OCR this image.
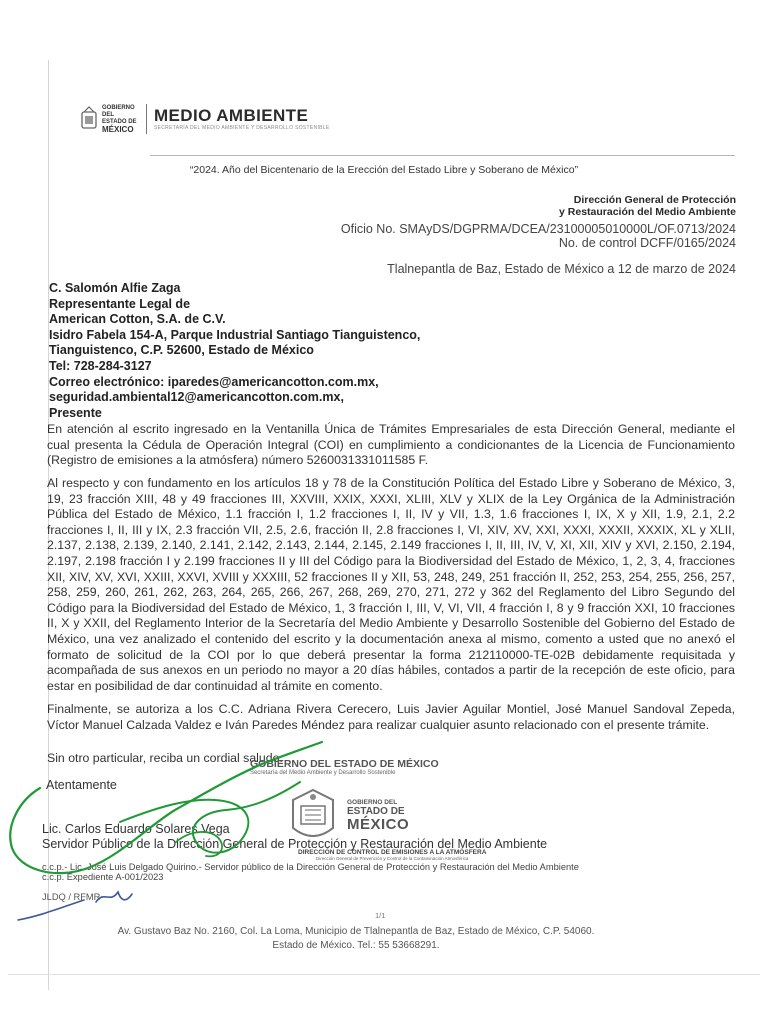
GOBIERNO DEL
ESTADO DE
MÉXICO
MEDIO AMBIENTE
SECRETARÍA DEL MEDIO AMBIENTE Y DESARROLLO SOSTENIBLE
“2024. Año del Bicentenario de la Erección del Estado Libre y Soberano de México”
Dirección General de Protección
y Restauración del Medio Ambiente
Oficio No. SMAyDS/DGPRMA/DCEA/23100005010000L/OF.0713/2024
No. de control DCFF/0165/2024
Tlalnepantla de Baz, Estado de México a 12 de marzo de 2024
C. Salomón Alfie Zaga
Representante Legal de
American Cotton, S.A. de C.V.
Isidro Fabela 154-A, Parque Industrial Santiago Tianguistenco,
Tianguistenco, C.P. 52600, Estado de México
Tel: 728-284-3127
Correo electrónico: iparedes@americancotton.com.mx,
seguridad.ambiental12@americancotton.com.mx,
Presente
En atención al escrito ingresado en la Ventanilla Única de Trámites Empresariales de esta Dirección General, mediante el cual presenta la Cédula de Operación Integral (COI) en cumplimiento a condicionantes de la Licencia de Funcionamiento (Registro de emisiones a la atmósfera) número 5260031331011585 F.
Al respecto y con fundamento en los artículos 18 y 78 de la Constitución Política del Estado Libre y Soberano de México, 3, 19, 23 fracción XIII, 48 y 49 fracciones III, XXVIII, XXIX, XXXI, XLIII, XLV y XLIX de la Ley Orgánica de la Administración Pública del Estado de México, 1.1 fracción I, 1.2 fracciones I, II, IV y VII, 1.3, 1.6 fracciones I, IX, X y XII, 1.9, 2.1, 2.2 fracciones I, II, III y IX, 2.3 fracción VII, 2.5, 2.6, fracción II, 2.8 fracciones I, VI, XIV, XV, XXI, XXXI, XXXII, XXXIX, XL y XLII, 2.137, 2.138, 2.139, 2.140, 2.141, 2.142, 2.143, 2.144, 2.145, 2.149 fracciones I, II, III, IV, V, XI, XII, XIV y XVI, 2.150, 2.194, 2.197, 2.198 fracción I y 2.199 fracciones II y III del Código para la Biodiversidad del Estado de México, 1, 2, 3, 4, fracciones XII, XIV, XV, XVI, XXIII, XXVI, XVIII y XXXIII, 52 fracciones II y XII, 53, 248, 249, 251 fracción II, 252, 253, 254, 255, 256, 257, 258, 259, 260, 261, 262, 263, 264, 265, 266, 267, 268, 269, 270, 271, 272 y 362 del Reglamento del Libro Segundo del Código para la Biodiversidad del Estado de México, 1, 3 fracción I, III, V, VI, VII, 4 fracción I, 8 y 9 fracción XXI, 10 fracciones II, X y XXII, del Reglamento Interior de la Secretaría del Medio Ambiente y Desarrollo Sostenible del Gobierno del Estado de México, una vez analizado el contenido del escrito y la documentación anexa al mismo, comento a usted que no anexó el formato de solicitud de la COI por lo que deberá presentar la forma 212110000-TE-02B debidamente requisitada y acompañada de sus anexos en un periodo no mayor a 20 días hábiles, contados a partir de la recepción de este oficio, para estar en posibilidad de dar continuidad al trámite en comento.
Finalmente, se autoriza a los C.C. Adriana Rivera Cerecero, Luis Javier Aguilar Montiel, José Manuel Sandoval Zepeda, Víctor Manuel Calzada Valdez e Iván Paredes Méndez para realizar cualquier asunto relacionado con el presente trámite.
Sin otro particular, reciba un cordial saludo.
Atentamente
GOBIERNO DEL ESTADO DE MÉXICO
Secretaría del Medio Ambiente y Desarrollo Sostenible
GOBIERNO DEL
ESTADO DE
MÉXICO
Lic. Carlos Eduardo Solares Vega
Servidor Público de la Dirección General de Protección y Restauración del Medio Ambiente
DIRECCIÓN DE CONTROL DE EMISIONES A LA ATMÓSFERA
Dirección General de Prevención y Control de la Contaminación Atmosférica
c.c.p.- Lic. José Luis Delgado Quirino.- Servidor público de la Dirección General de Protección y Restauración del Medio Ambiente
c.c.p. Expediente A-001/2023
JLDQ / RFMR
1/1
Av. Gustavo Baz No. 2160, Col. La Loma, Municipio de Tlalnepantla de Baz, Estado de México, C.P. 54060.
Estado de México. Tel.: 55 53668291.
